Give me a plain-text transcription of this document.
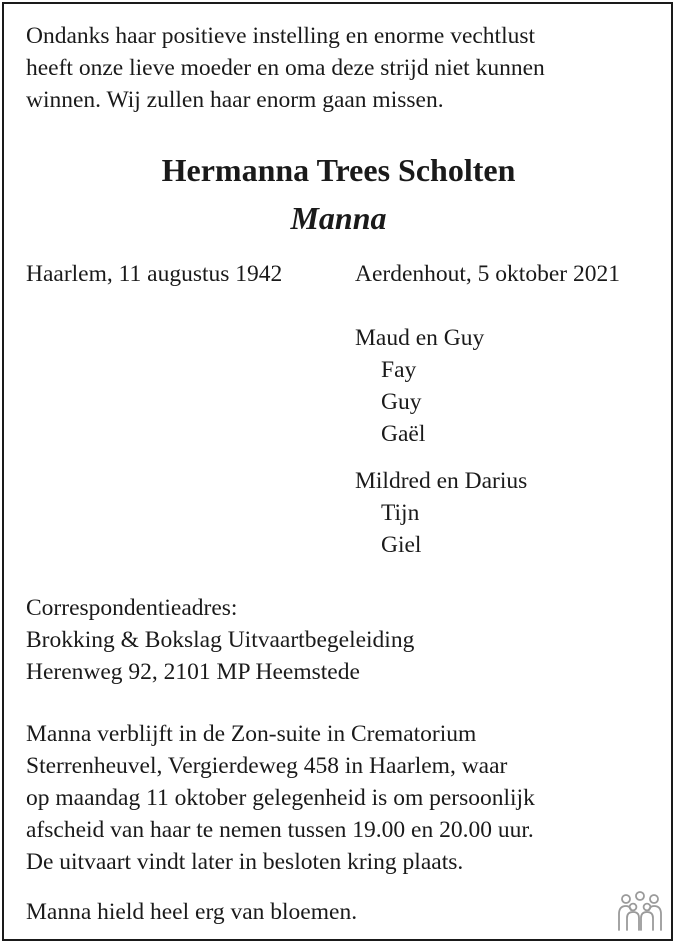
Ondanks haar positieve instelling en enorme vechtlust
heeft onze lieve moeder en oma deze strijd niet kunnen
winnen. Wij zullen haar enorm gaan missen.
Hermanna Trees Scholten
Manna
Haarlem, 11 augustus 1942	Aerdenhout, 5 oktober 2021
Maud en Guy
Fay
Guy
Gaël
Mildred en Darius
Tijn
Giel
Correspondentieadres:
Brokking & Bokslag Uitvaartbegeleiding
Herenweg 92, 2101 MP Heemstede
Manna verblijft in de Zon-suite in Crematorium
Sterrenheuvel, Vergierdeweg 458 in Haarlem, waar
op maandag 11 oktober gelegenheid is om persoonlijk
afscheid van haar te nemen tussen 19.00 en 20.00 uur.
De uitvaart vindt later in besloten kring plaats.
Manna hield heel erg van bloemen.
